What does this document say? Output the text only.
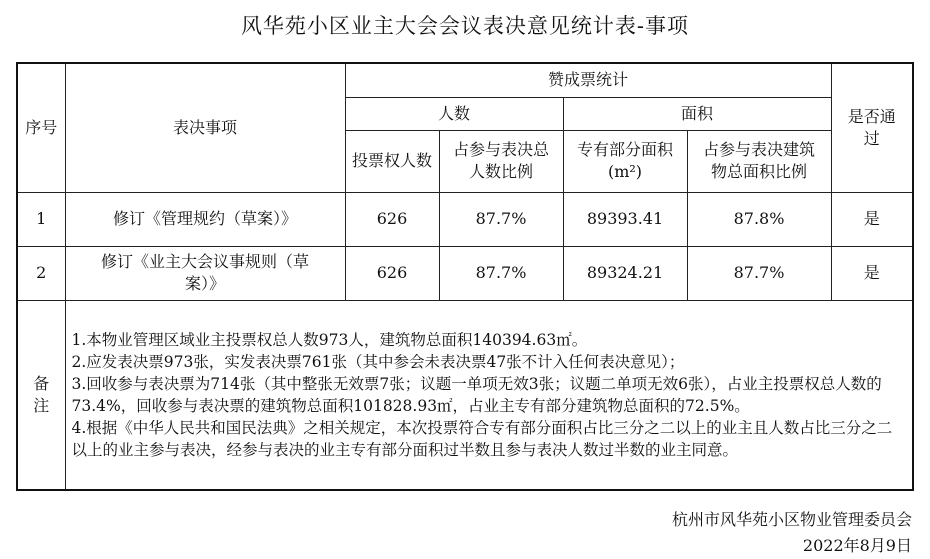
风华苑小区业主大会会议表决意见统计表-事项
序号	表决事项	赞成票统计				是否通过
		人数		面积		
		投票权人数	占参与表决总人数比例	专有部分面积(m²)	占参与表决建筑物总面积比例	
1	修订《管理规约（草案）》	626	87.7%	89393.41	87.8%	是
2	修订《业主大会议事规则（草案）》	626	87.7%	89324.21	87.7%	是
备注	1.本物业管理区域业主投票权总人数973人，建筑物总面积140394.63㎡。
2.应发表决票973张，实发表决票761张（其中参会未表决票47张不计入任何表决意见）；
3.回收参与表决票为714张（其中整张无效票7张；议题一单项无效3张；议题二单项无效6张），占业主投票权总人数的73.4%，回收参与表决票的建筑物总面积101828.93㎡，占业主专有部分建筑物总面积的72.5%。
4.根据《中华人民共和国民法典》之相关规定，本次投票符合专有部分面积占比三分之二以上的业主且人数占比三分之二以上的业主参与表决，经参与表决的业主专有部分面积过半数且参与表决人数过半数的业主同意。					
杭州市风华苑小区物业管理委员会
2022年8月9日
